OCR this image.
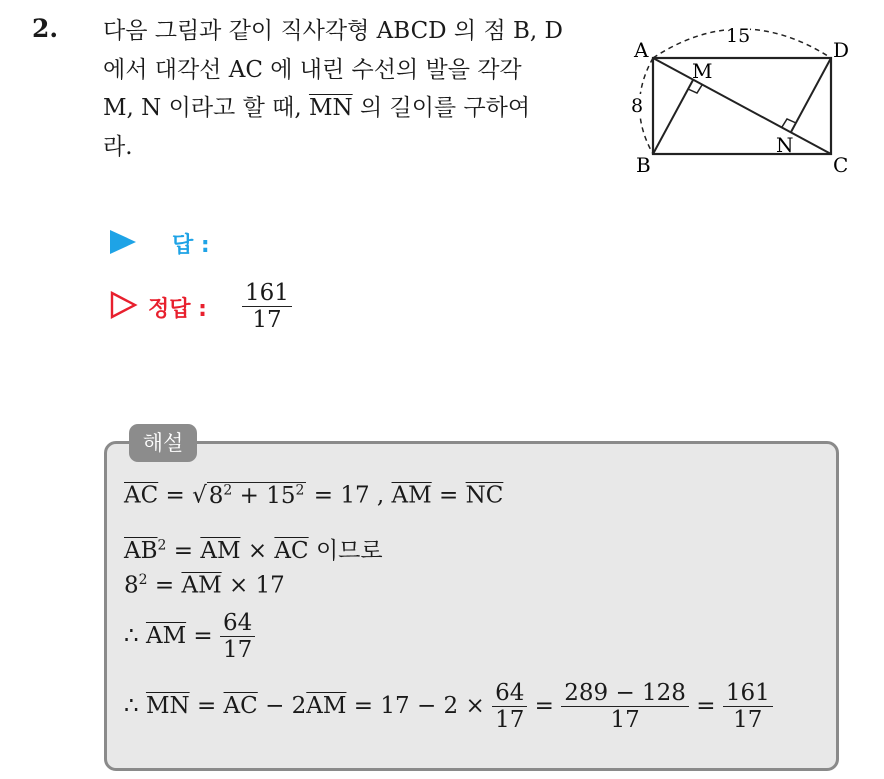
2. 다음 그림과 같이 직사각형 ABCD 의 점 B, D
에서 대각선 AC 에 내린 수선의 발을 각각
M, N 이라고 할 때, $\overline{MN}$ 의 길이를 구하여
라.
A
B	C
D
M
N
15
8
답 :
정답 : $\frac{161}{17}$
해설
$\overline{AC} = √8^2 + 15^2 = 17$ , $\overline{AM} = \overline{NC}$
$\overline{AB}^2 = \overline{AM} \times \overline{AC}$ 이므로
$8^2 = \overline{AM} \times 17$
∴ $\overline{AM} = \frac{64}{17}$
∴ $\overline{MN} = \overline{AC} - 2\overline{AM} = 17 - 2 \times \frac{64}{17} = \frac{289 - 128}{17} = \frac{161}{17}$
